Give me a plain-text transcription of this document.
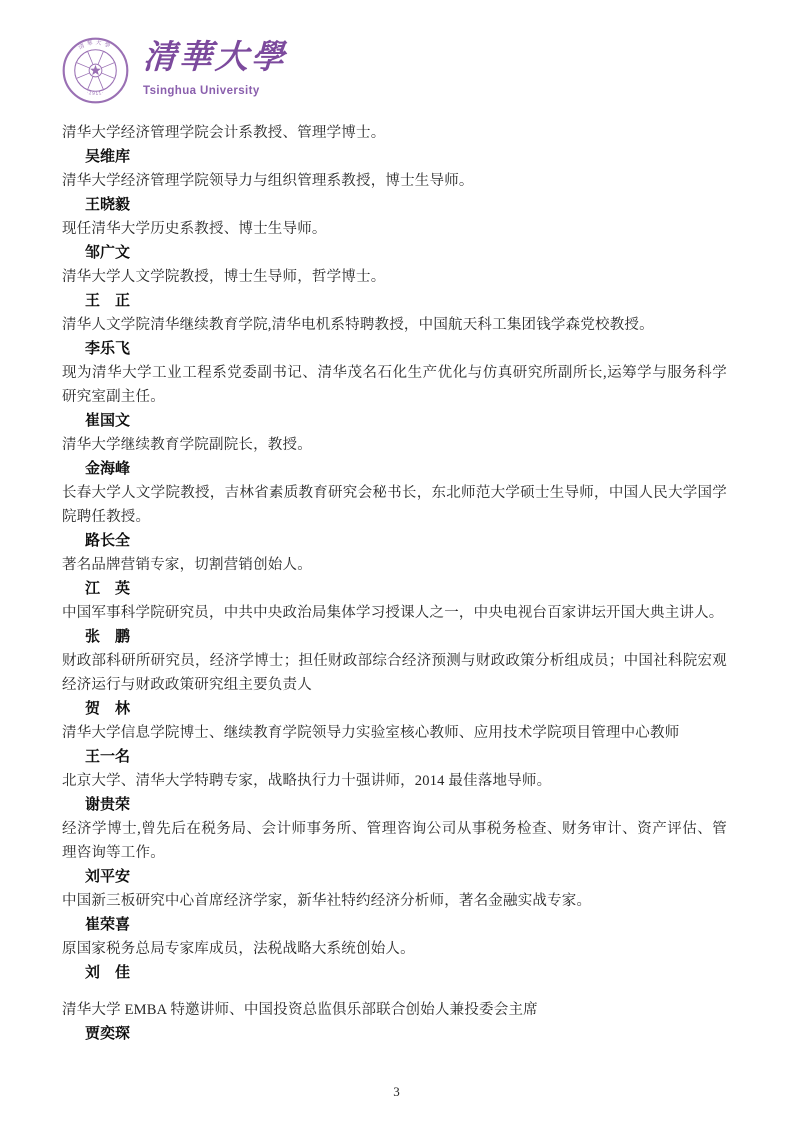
清華大學
·1911·
清華大學
Tsinghua University

清华大学经济管理学院会计系教授、管理学博士。

吴维库

清华大学经济管理学院领导力与组织管理系教授，博士生导师。

王晓毅

现任清华大学历史系教授、博士生导师。

邹广文

清华大学人文学院教授，博士生导师，哲学博士。

王　正

清华人文学院清华继续教育学院,清华电机系特聘教授，中国航天科工集团钱学森党校教授。

李乐飞

现为清华大学工业工程系党委副书记、清华茂名石化生产优化与仿真研究所副所长,运筹学与服务科学研究室副主任。

崔国文

清华大学继续教育学院副院长，教授。

金海峰

长春大学人文学院教授，吉林省素质教育研究会秘书长，东北师范大学硕士生导师，中国人民大学国学院聘任教授。

路长全

著名品牌营销专家，切割营销创始人。

江　英

中国军事科学院研究员，中共中央政治局集体学习授课人之一，中央电视台百家讲坛开国大典主讲人。

张　鹏

财政部科研所研究员，经济学博士；担任财政部综合经济预测与财政政策分析组成员；中国社科院宏观经济运行与财政政策研究组主要负责人

贺　林

清华大学信息学院博士、继续教育学院领导力实验室核心教师、应用技术学院项目管理中心教师

王一名

北京大学、清华大学特聘专家，战略执行力十强讲师，2014 最佳落地导师。

谢贵荣

经济学博士,曾先后在税务局、会计师事务所、管理咨询公司从事税务检查、财务审计、资产评估、管理咨询等工作。

刘平安

中国新三板研究中心首席经济学家，新华社特约经济分析师，著名金融实战专家。

崔荣喜

原国家税务总局专家库成员，法税战略大系统创始人。

刘　佳

清华大学 EMBA 特邀讲师、中国投资总监俱乐部联合创始人兼投委会主席

贾奕琛

3
